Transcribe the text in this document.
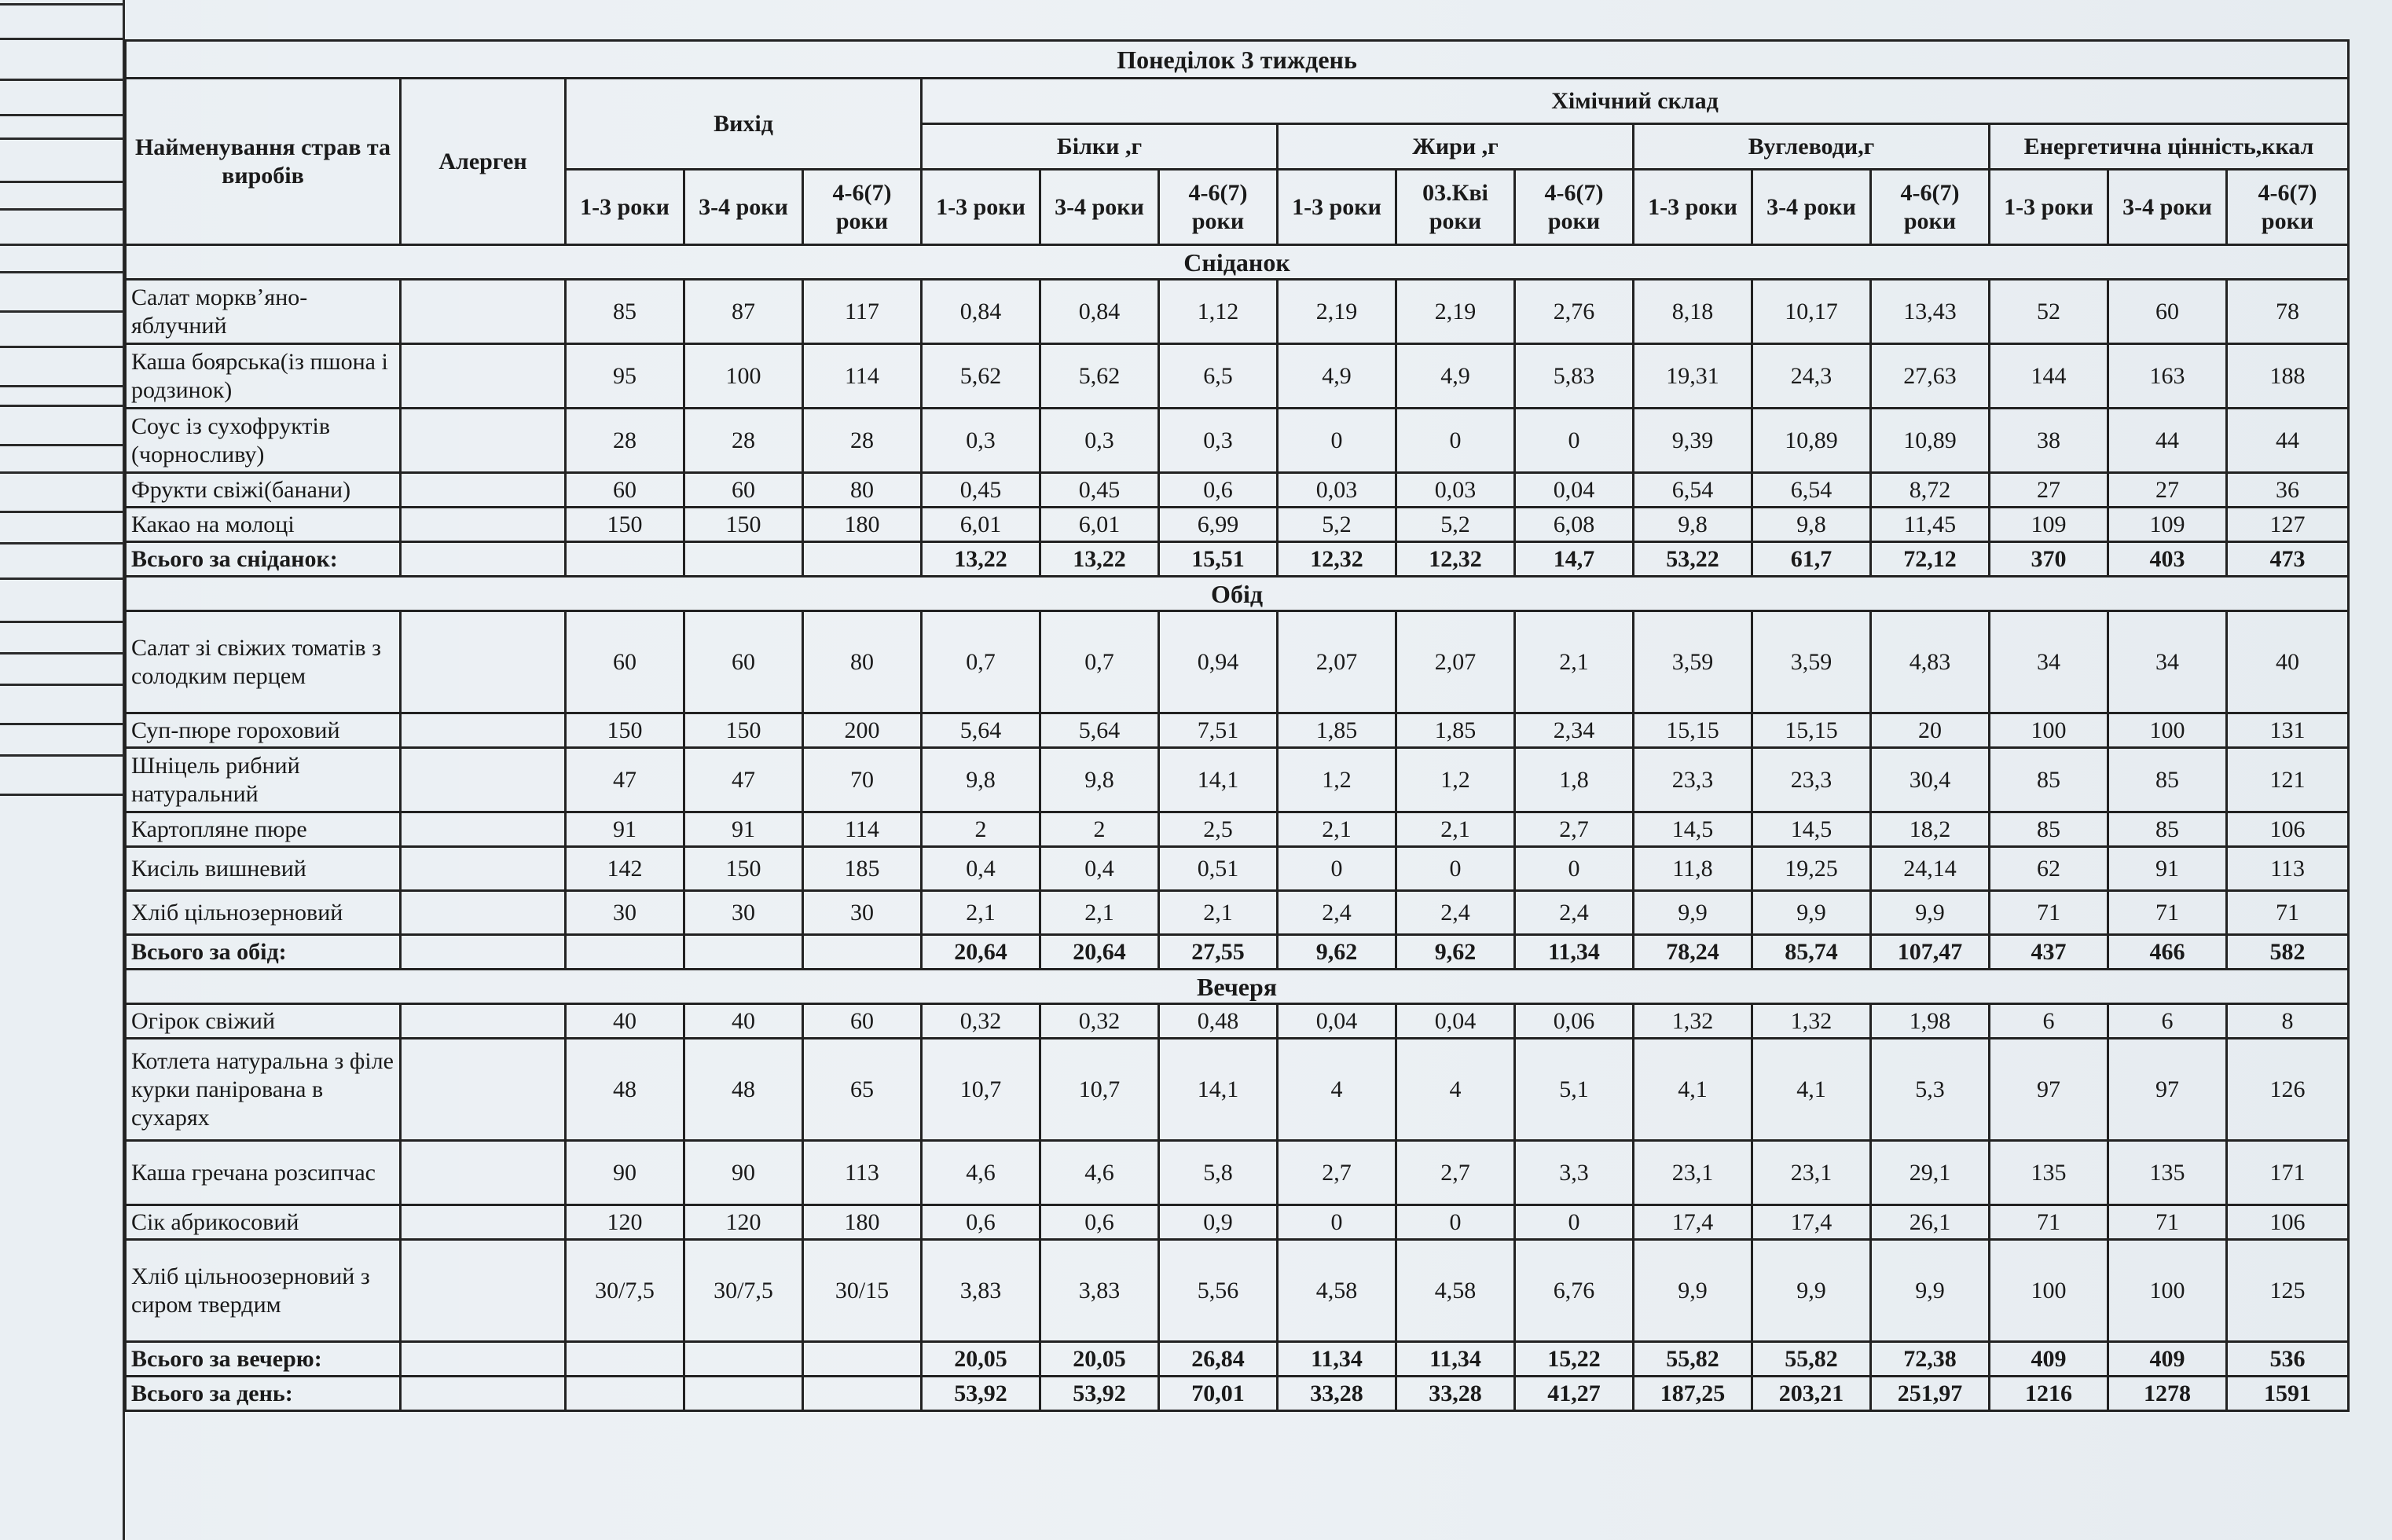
Понеділок 3 тиждень																
Найменування страв та виробів	Алерген	Вихід			Хімічний склад											
					Білки ,г			Жири ,г			Вуглеводи,г			Енергетична цінність,ккал		
		1-3 роки	3-4 роки	4-6(7) роки	1-3 роки	3-4 роки	4-6(7) роки	1-3 роки	03.Кві роки	4-6(7) роки	1-3 роки	3-4 роки	4-6(7) роки	1-3 роки	3-4 роки	4-6(7) роки
Сніданок																
Салат морквʼяно-яблучний		85	87	117	0,84	0,84	1,12	2,19	2,19	2,76	8,18	10,17	13,43	52	60	78
Каша боярська(із пшона і родзинок)		95	100	114	5,62	5,62	6,5	4,9	4,9	5,83	19,31	24,3	27,63	144	163	188
Соус із сухофруктів (чорносливу)		28	28	28	0,3	0,3	0,3	0	0	0	9,39	10,89	10,89	38	44	44
Фрукти свіжі(банани)		60	60	80	0,45	0,45	0,6	0,03	0,03	0,04	6,54	6,54	8,72	27	27	36
Какао на молоці		150	150	180	6,01	6,01	6,99	5,2	5,2	6,08	9,8	9,8	11,45	109	109	127
Всього за сніданок:					13,22	13,22	15,51	12,32	12,32	14,7	53,22	61,7	72,12	370	403	473
Обід																
Салат зі свіжих томатів з солодким перцем		60	60	80	0,7	0,7	0,94	2,07	2,07	2,1	3,59	3,59	4,83	34	34	40
Суп-пюре гороховий		150	150	200	5,64	5,64	7,51	1,85	1,85	2,34	15,15	15,15	20	100	100	131
Шніцель рибний натуральний		47	47	70	9,8	9,8	14,1	1,2	1,2	1,8	23,3	23,3	30,4	85	85	121
Картопляне пюре		91	91	114	2	2	2,5	2,1	2,1	2,7	14,5	14,5	18,2	85	85	106
Кисіль вишневий		142	150	185	0,4	0,4	0,51	0	0	0	11,8	19,25	24,14	62	91	113
Хліб цільнозерновий		30	30	30	2,1	2,1	2,1	2,4	2,4	2,4	9,9	9,9	9,9	71	71	71
Всього за обід:					20,64	20,64	27,55	9,62	9,62	11,34	78,24	85,74	107,47	437	466	582
Вечеря																
Огірок свіжий		40	40	60	0,32	0,32	0,48	0,04	0,04	0,06	1,32	1,32	1,98	6	6	8
Котлета натуральна з філе курки панірована в сухарях		48	48	65	10,7	10,7	14,1	4	4	5,1	4,1	4,1	5,3	97	97	126
Каша гречана розсипчас		90	90	113	4,6	4,6	5,8	2,7	2,7	3,3	23,1	23,1	29,1	135	135	171
Сік абрикосовий		120	120	180	0,6	0,6	0,9	0	0	0	17,4	17,4	26,1	71	71	106
Хліб цільноозерновий з сиром твердим		30/7,5	30/7,5	30/15	3,83	3,83	5,56	4,58	4,58	6,76	9,9	9,9	9,9	100	100	125
Всього за вечерю:					20,05	20,05	26,84	11,34	11,34	15,22	55,82	55,82	72,38	409	409	536
Всього за день:					53,92	53,92	70,01	33,28	33,28	41,27	187,25	203,21	251,97	1216	1278	1591
